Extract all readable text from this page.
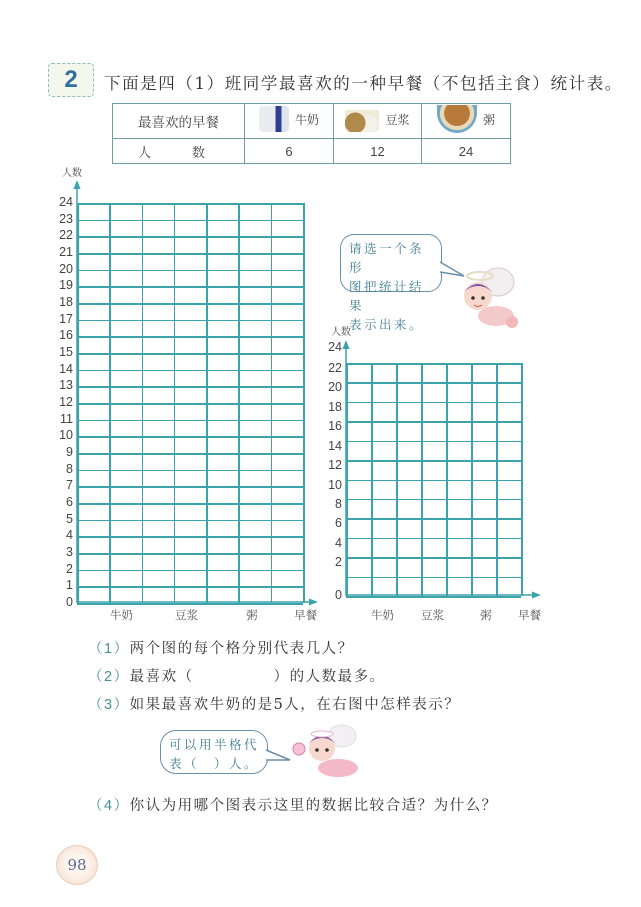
2 下面是四（1）班同学最喜欢的一种早餐（不包括主食）统计表。
最喜欢的早餐	牛奶	豆浆	粥

人　数	6	12	24
人数
24
23
22
21
20
19
18
17
16
15
14
13
12
11
10
9
8
7
6
5
4
3
2
1
0
牛奶	豆浆	粥	早餐
请选一个条形
图把统计结果
表示出来。
人数
24
22
20
18
16
14
12
10
8
6
4
2
0
牛奶 豆浆	粥 早餐
（1）两个图的每个格分别代表几人？
（2）最喜欢（　　　　　）的人数最多。
（3）如果最喜欢牛奶的是5人，在右图中怎样表示？
可以用半格代
表（　）人。
（4）你认为用哪个图表示这里的数据比较合适？为什么？
98
